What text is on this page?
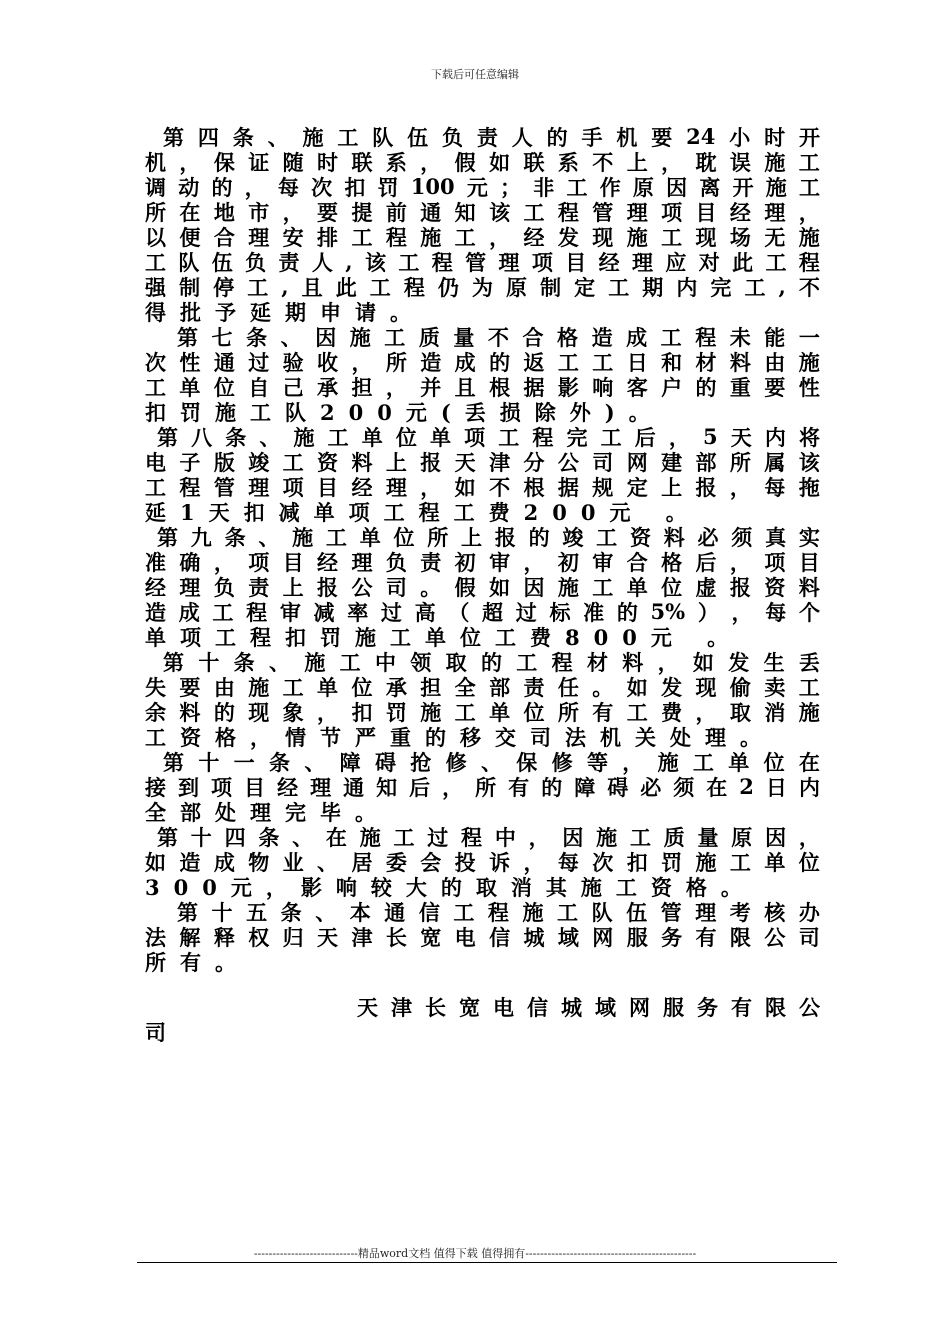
下载后可任意编辑
第 四 条 、 施 工 队 伍 负 责 人 的 手 机 要 24 小 时 开
机 ， 保 证 随 时 联 系 ， 假 如 联 系 不 上 ， 耽 误 施 工
调 动 的 ， 每 次 扣 罚 100 元 ； 非 工 作 原 因 离 开 施 工
所 在 地 市 ， 要 提 前 通 知 该 工 程 管 理 项 目 经 理 ，
以 便 合 理 安 排 工 程 施 工 ， 经 发 现 施 工 现 场 无 施
工 队 伍 负 责 人 , 该 工 程 管 理 项 目 经 理 应 对 此 工 程
强 制 停 工 , 且 此 工 程 仍 为 原 制 定 工 期 内 完 工 , 不
得批予延期申请。
第 七 条 、 因 施 工 质 量 不 合 格 造 成 工 程 未 能 一
次 性 通 过 验 收 ， 所 造 成 的 返 工 工 日 和 材 料 由 施
工 单 位 自 己 承 担 ， 并 且 根 据 影 响 客 户 的 重 要 性
扣罚施工队200元(丢损除外)。
第 八 条 、 施 工 单 位 单 项 工 程 完 工 后 ， 5 天 内 将
电 子 版 竣 工 资 料 上 报 天 津 分 公 司 网 建 部 所 属 该
工 程 管 理 项 目 经 理 ， 如 不 根 据 规 定 上 报 ， 每 拖
延1天扣减单项工程工费200元 。
第 九 条 、 施 工 单 位 所 上 报 的 竣 工 资 料 必 须 真 实
准 确 ， 项 目 经 理 负 责 初 审 ， 初 审 合 格 后 ， 项 目
经 理 负 责 上 报 公 司 。 假 如 因 施 工 单 位 虚 报 资 料
造 成 工 程 审 减 率 过 高 （ 超 过 标 准 的 5% ） ， 每 个
单项工程扣罚施工单位工费800元 。
第 十 条 、 施 工 中 领 取 的 工 程 材 料 ， 如 发 生 丢
失 要 由 施 工 单 位 承 担 全 部 责 任 。 如 发 现 偷 卖 工
余 料 的 现 象 ， 扣 罚 施 工 单 位 所 有 工 费 ， 取 消 施
工资格，情节严重的移交司法机关处理。
第 十 一 条 、 障 碍 抢 修 、 保 修 等 ， 施 工 单 位 在
接 到 项 目 经 理 通 知 后 ， 所 有 的 障 碍 必 须 在 2 日 内
全部处理完毕。
第 十 四 条 、 在 施 工 过 程 中 ， 因 施 工 质 量 原 因 ，
如 造 成 物 业 、 居 委 会 投 诉 ， 每 次 扣 罚 施 工 单 位
300元，影响较大的取消其施工资格。
第 十 五 条 、 本 通 信 工 程 施 工 队 伍 管 理 考 核 办
法 解 释 权 归 天 津 长 宽 电 信 城 域 网 服 务 有 限 公 司
所有。
天 津 长 宽 电 信 城 域 网 服 务 有 限 公
司
----------------------------精品word文档 值得下载 值得拥有----------------------------------------------
